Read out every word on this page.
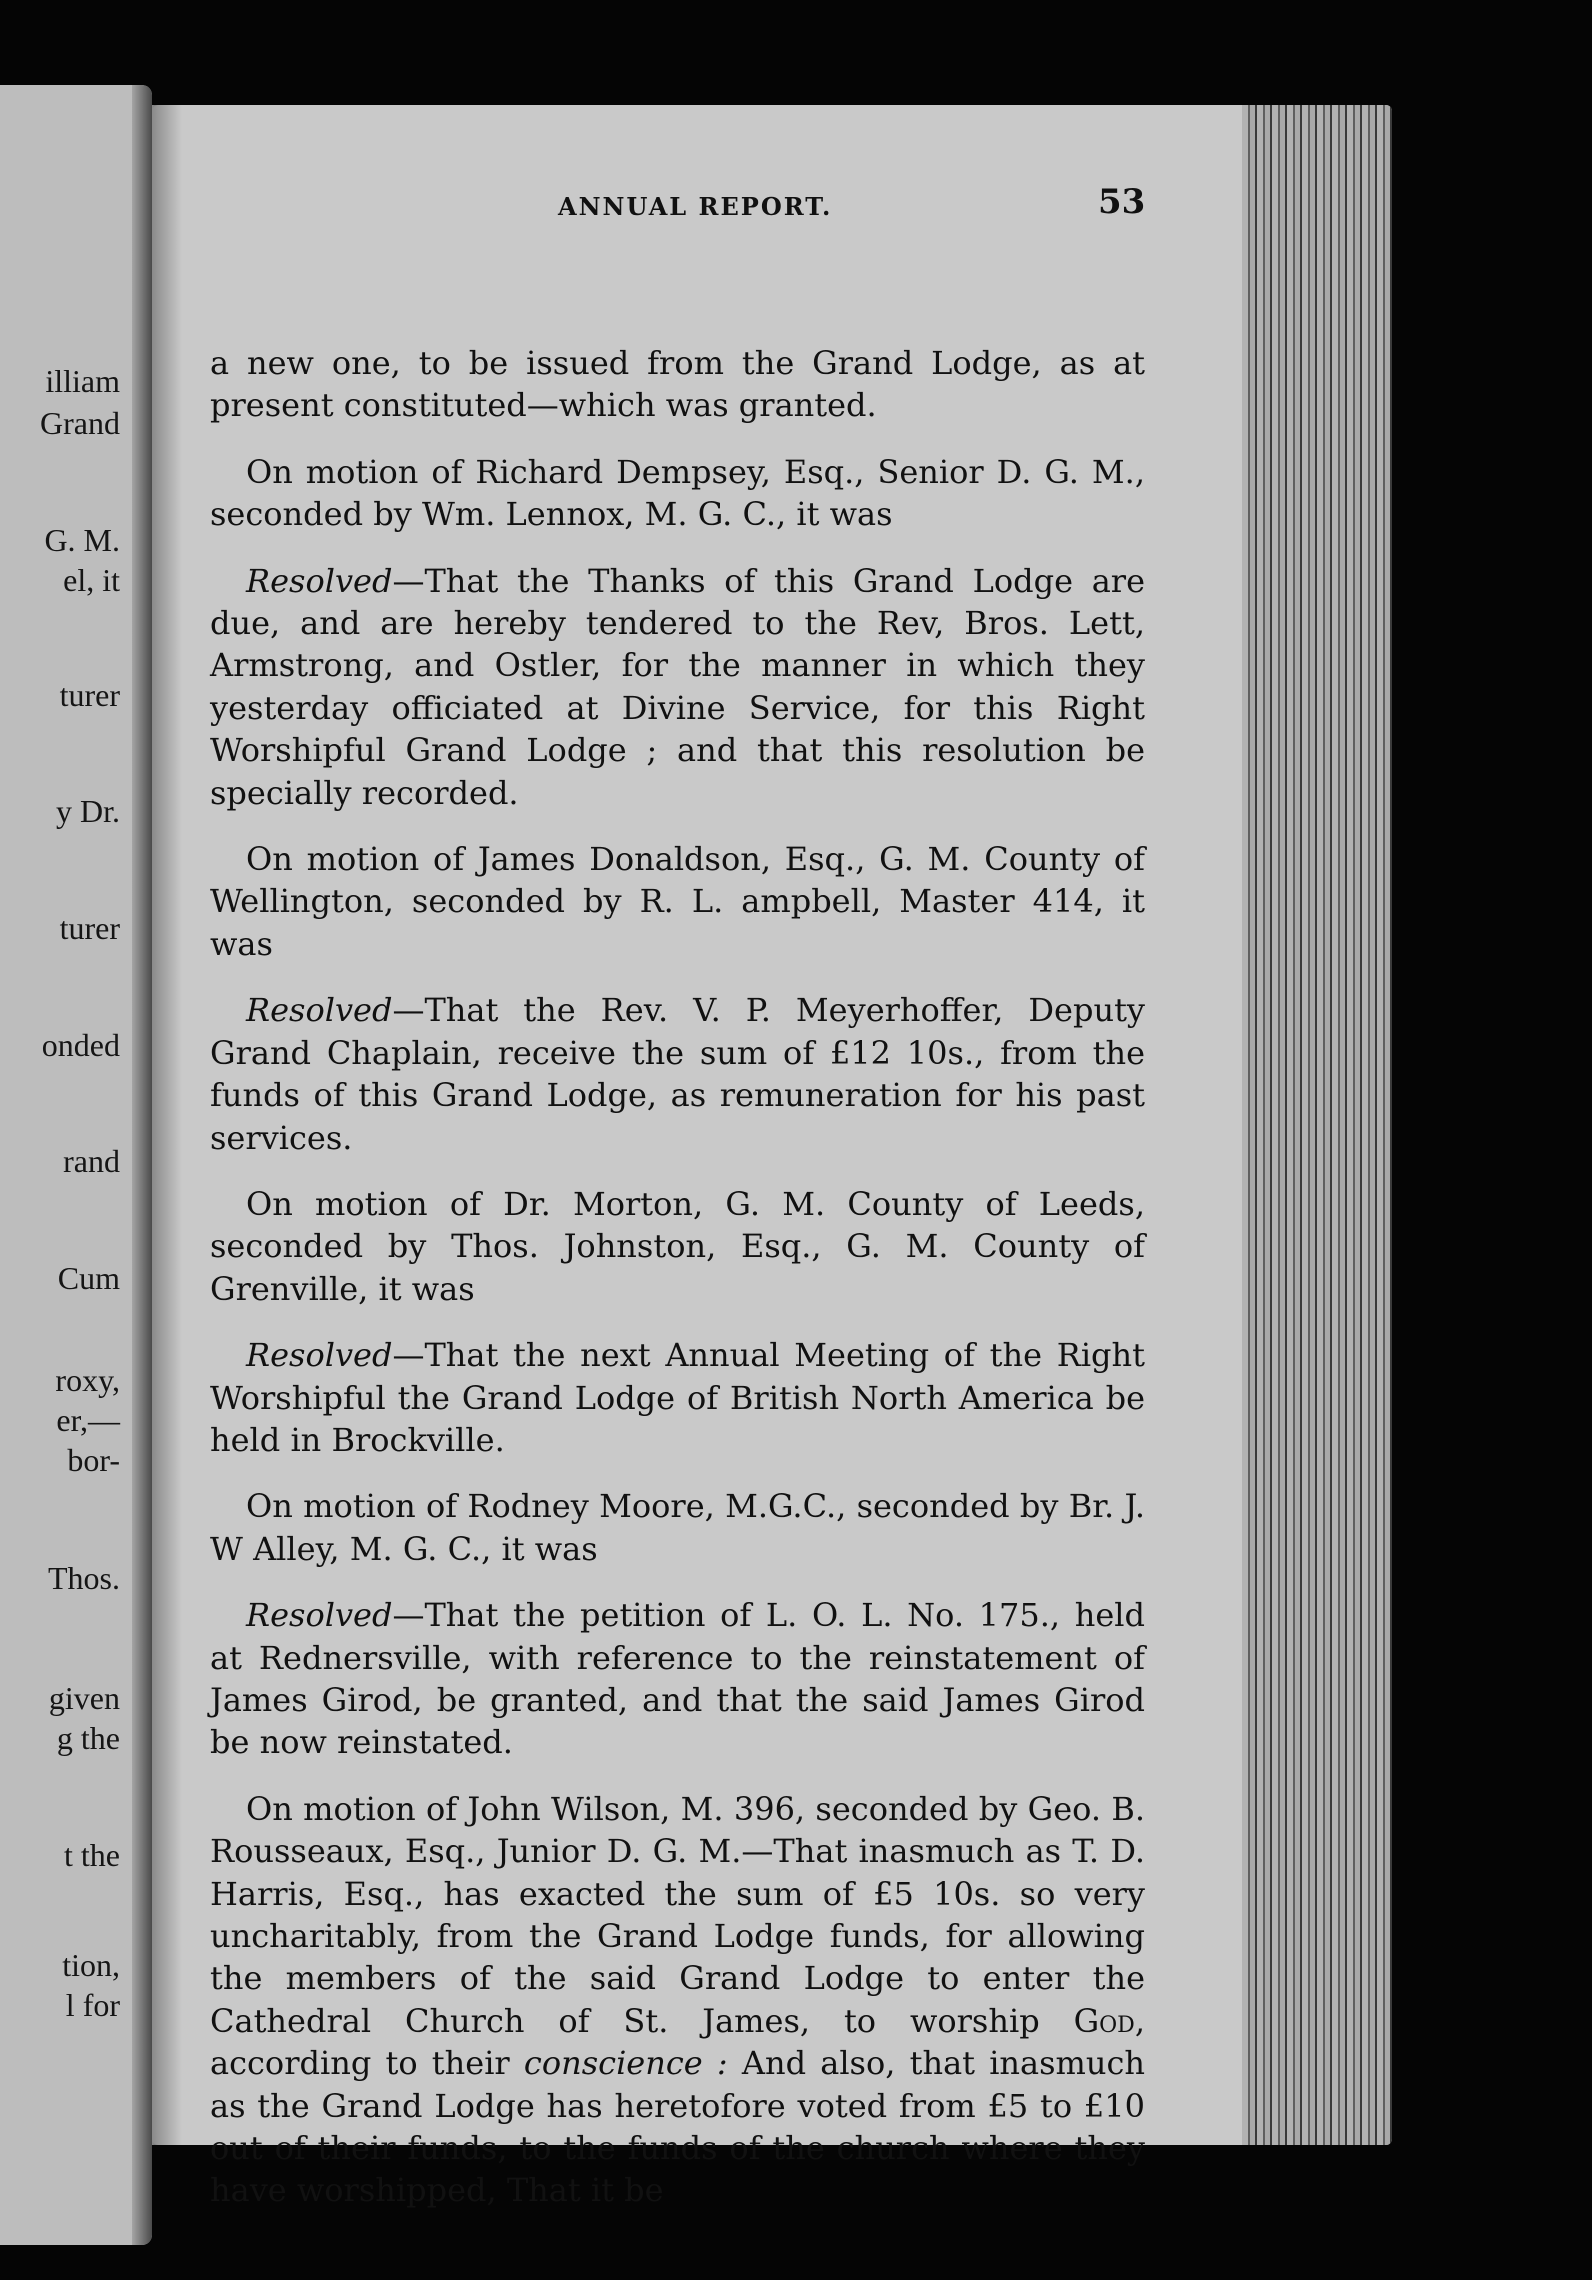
illiam
Grand
G. M.
el, it
turer
y Dr.
turer
onded
rand
Cum
roxy,
er,—
bor-
Thos.
given
g the
t the
tion,
l for
ANNUAL REPORT.	53

a new one, to be issued from the Grand Lodge, as at present constituted—which was granted.

On motion of Richard Dempsey, Esq., Senior D. G. M., seconded by Wm. Lennox, M. G. C., it was

Resolved—That the Thanks of this Grand Lodge are due, and are hereby tendered to the Rev, Bros. Lett, Armstrong, and Ostler, for the manner in which they yesterday officiated at Divine Service, for this Right Worshipful Grand Lodge ; and that this resolution be specially recorded.

On motion of James Donaldson, Esq., G. M. County of Wellington, seconded by R. L. ampbell, Master 414, it was

Resolved—That the Rev. V. P. Meyerhoffer, Deputy Grand Chaplain, receive the sum of £12 10s., from the funds of this Grand Lodge, as remuneration for his past services.

On motion of Dr. Morton, G. M. County of Leeds, seconded by Thos. Johnston, Esq., G. M. County of Grenville, it was

Resolved—That the next Annual Meeting of the Right Worshipful the Grand Lodge of British North America be held in Brockville.

On motion of Rodney Moore, M.G.C., seconded by Br. J. W Alley, M. G. C., it was

Resolved—That the petition of L. O. L. No. 175., held at Rednersville, with reference to the reinstatement of James Girod, be granted, and that the said James Girod be now reinstated.

On motion of John Wilson, M. 396, seconded by Geo. B. Rousseaux, Esq., Junior D. G. M.—That inasmuch as T. D. Harris, Esq., has exacted the sum of £5 10s. so very uncharitably, from the Grand Lodge funds, for allowing the members of the said Grand Lodge to enter the Cathedral Church of St. James, to worship God, according to their conscience : And also, that inasmuch as the Grand Lodge has heretofore voted from £5 to £10 out of their funds, to the funds of the church where they have worshipped, That it be
